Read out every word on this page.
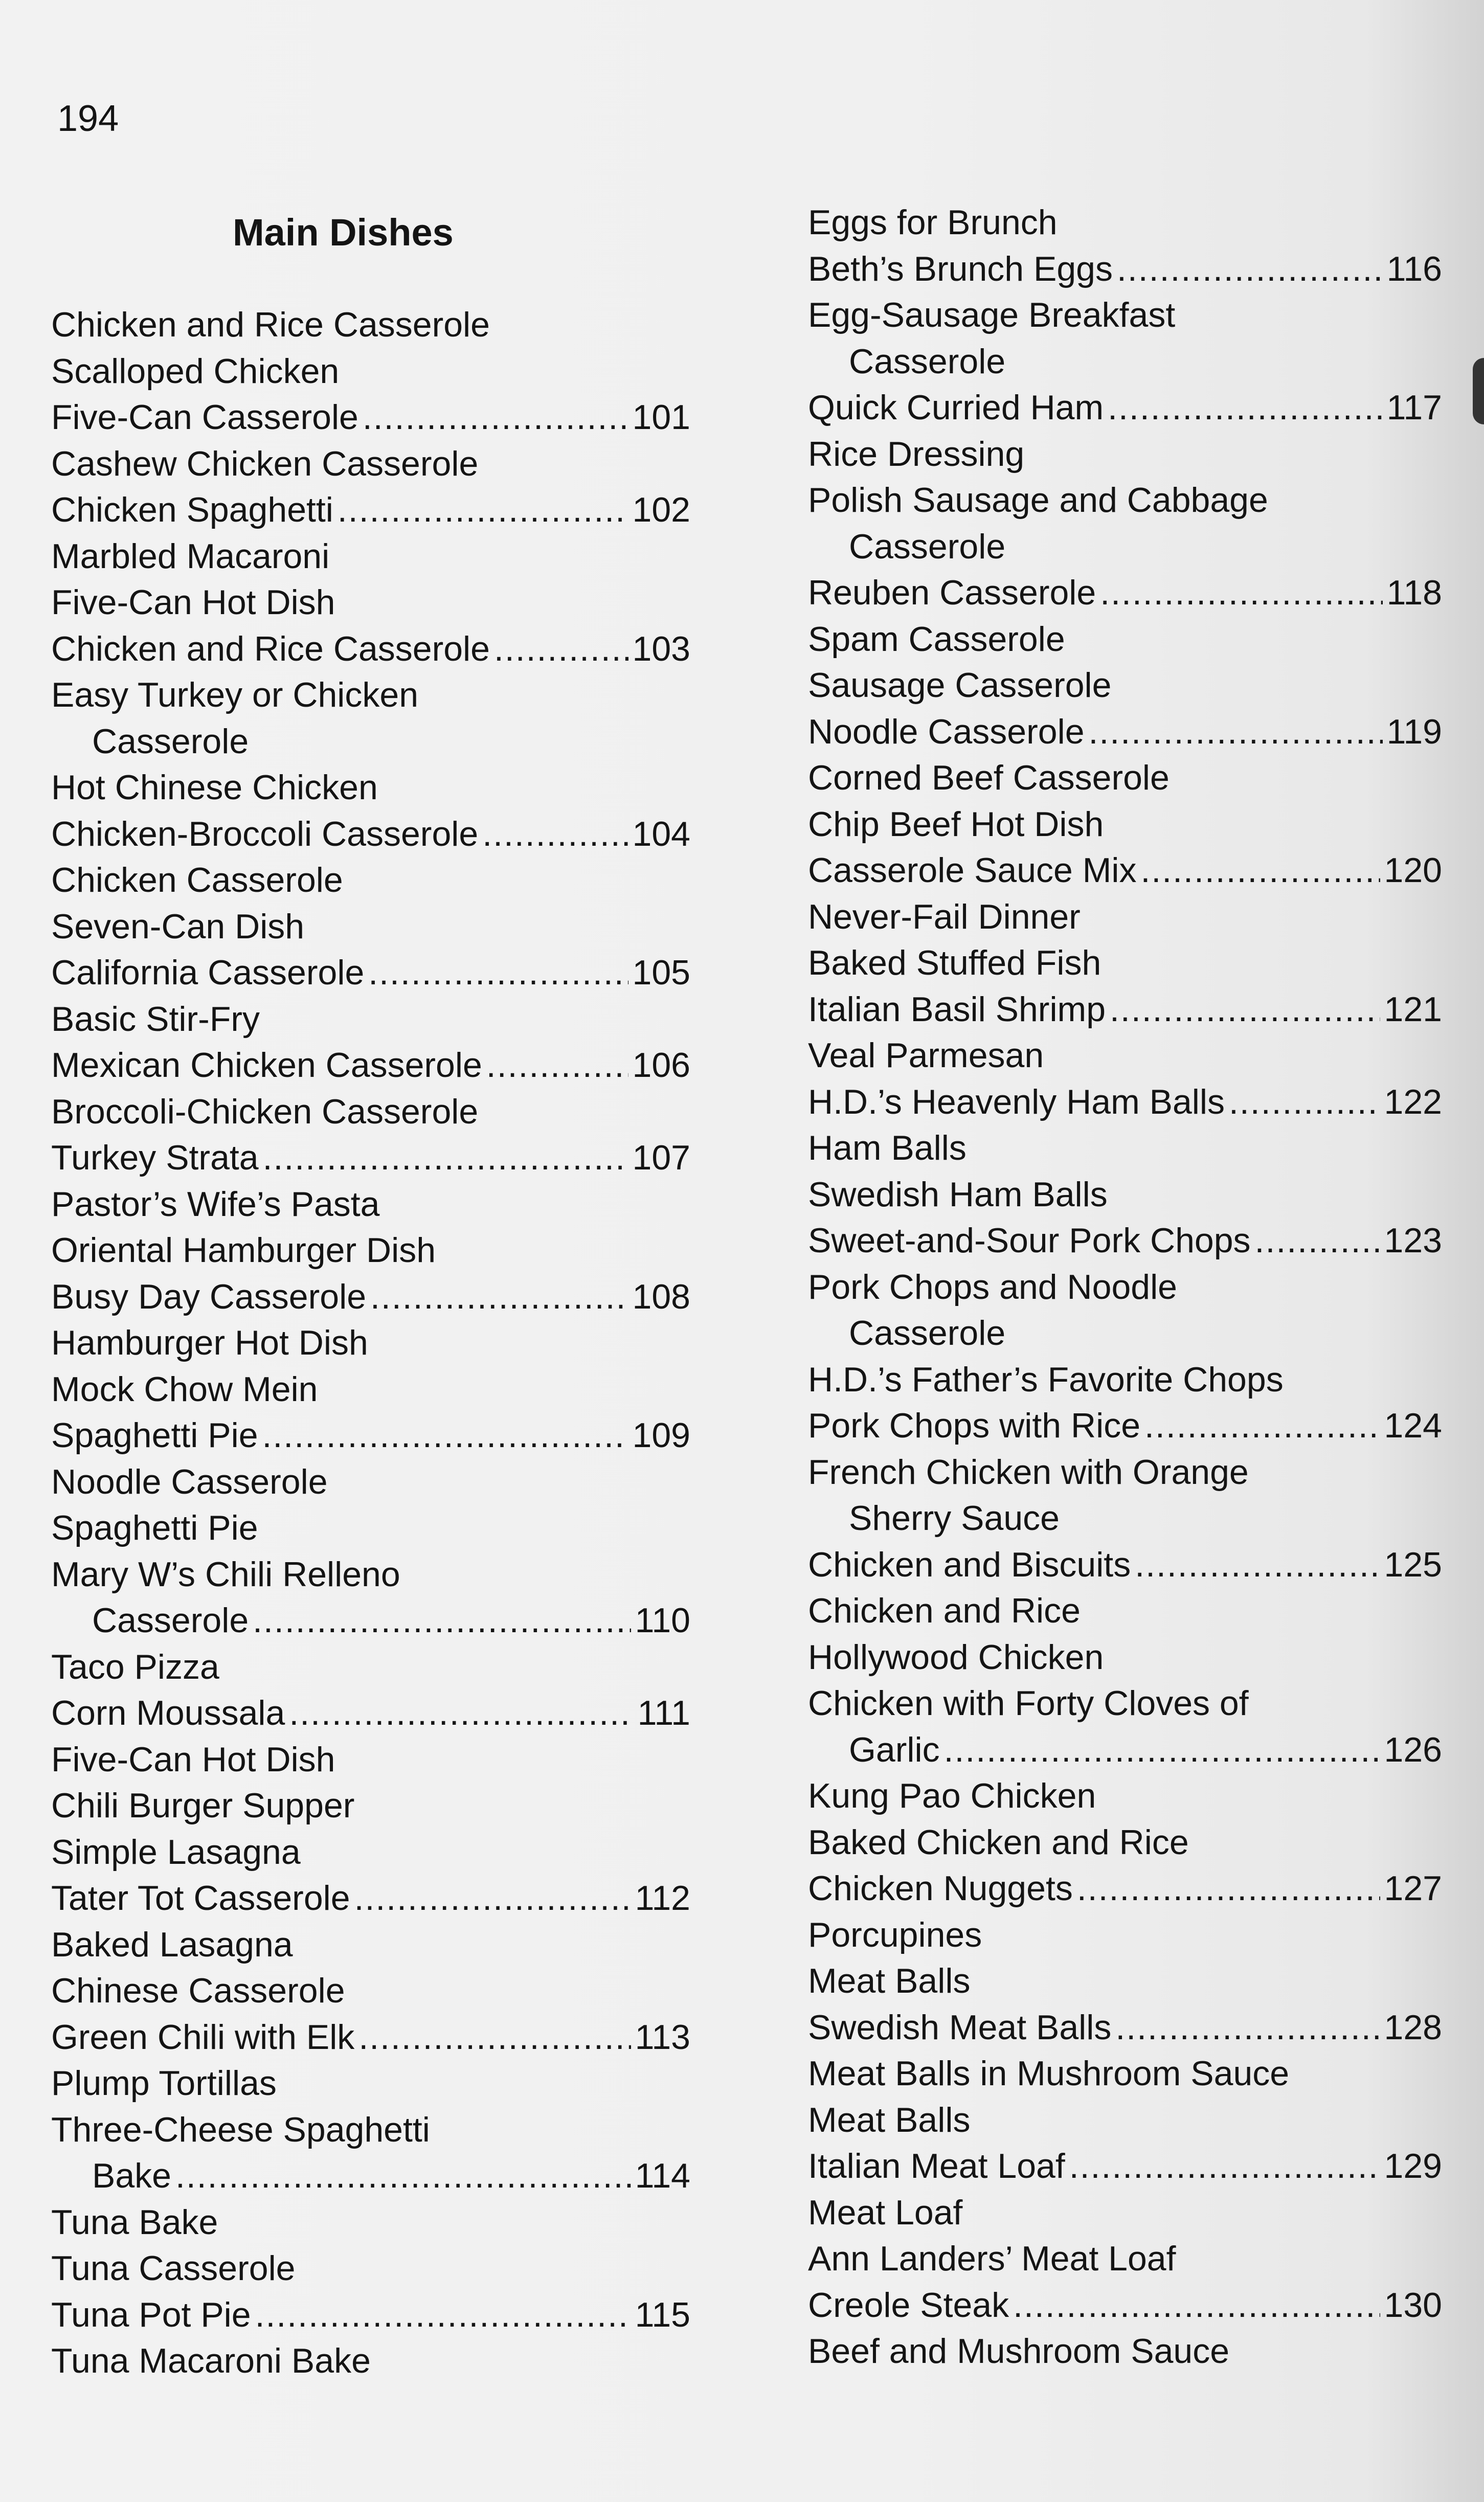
194
Main Dishes
Chicken and Rice Casserole
Scalloped Chicken
Five-Can Casserole .....	101
Cashew Chicken Casserole
Chicken Spaghetti .....	102
Marbled Macaroni
Five-Can Hot Dish
Chicken and Rice Casserole .....	103
Easy Turkey or Chicken
Casserole
Hot Chinese Chicken
Chicken-Broccoli Casserole .....	104
Chicken Casserole
Seven-Can Dish
California Casserole .....	105
Basic Stir-Fry
Mexican Chicken Casserole .....	106
Broccoli-Chicken Casserole
Turkey Strata .....	107
Pastor’s Wife’s Pasta
Oriental Hamburger Dish
Busy Day Casserole .....	108
Hamburger Hot Dish
Mock Chow Mein
Spaghetti Pie .....	109
Noodle Casserole
Spaghetti Pie
Mary W’s Chili Relleno
Casserole .....	110
Taco Pizza
Corn Moussala .....	111
Five-Can Hot Dish
Chili Burger Supper
Simple Lasagna
Tater Tot Casserole .....	112
Baked Lasagna
Chinese Casserole
Green Chili with Elk .....	113
Plump Tortillas
Three-Cheese Spaghetti
Bake .....	114
Tuna Bake
Tuna Casserole
Tuna Pot Pie .....	115
Tuna Macaroni Bake
Eggs for Brunch
Beth’s Brunch Eggs .....	116
Egg-Sausage Breakfast
Casserole
Quick Curried Ham .....	117
Rice Dressing
Polish Sausage and Cabbage
Casserole
Reuben Casserole .....	118
Spam Casserole
Sausage Casserole
Noodle Casserole .....	119
Corned Beef Casserole
Chip Beef Hot Dish
Casserole Sauce Mix .....	120
Never-Fail Dinner
Baked Stuffed Fish
Italian Basil Shrimp .....	121
Veal Parmesan
H.D.’s Heavenly Ham Balls .....	122
Ham Balls
Swedish Ham Balls
Sweet-and-Sour Pork Chops .....	123
Pork Chops and Noodle
Casserole
H.D.’s Father’s Favorite Chops
Pork Chops with Rice .....	124
French Chicken with Orange
Sherry Sauce
Chicken and Biscuits .....	125
Chicken and Rice
Hollywood Chicken
Chicken with Forty Cloves of
Garlic .....	126
Kung Pao Chicken
Baked Chicken and Rice
Chicken Nuggets .....	127
Porcupines
Meat Balls
Swedish Meat Balls .....	128
Meat Balls in Mushroom Sauce
Meat Balls
Italian Meat Loaf .....	129
Meat Loaf
Ann Landers’ Meat Loaf
Creole Steak .....	130
Beef and Mushroom Sauce
